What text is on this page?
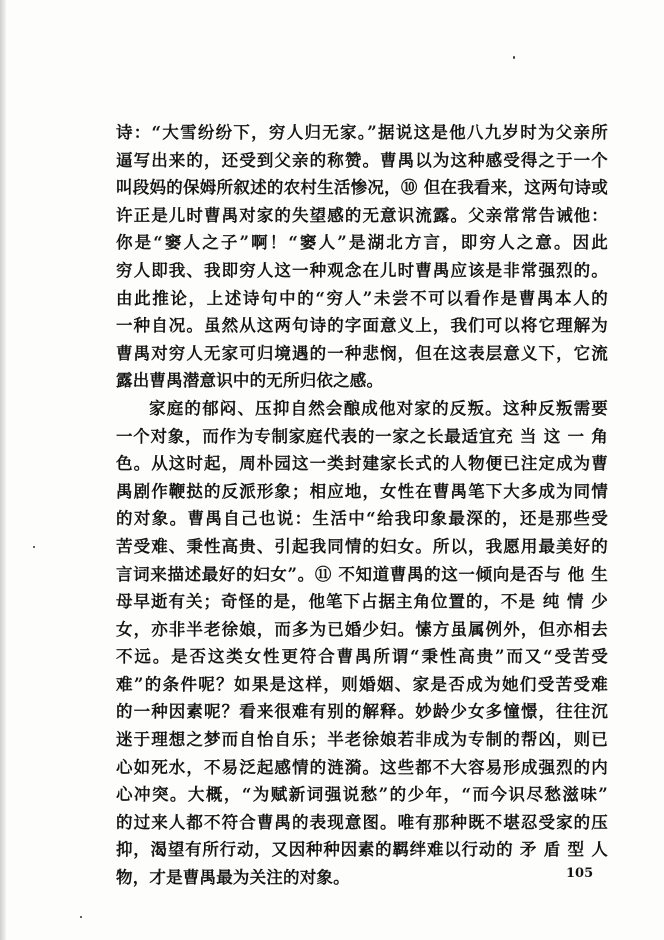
诗：“大雪纷纷下，穷人归无家。”据说这是他八九岁时为父亲所
逼写出来的，还受到父亲的称赞。曹禺以为这种感受得之于一个
叫段妈的保姆所叙述的农村生活惨况，⑩ 但在我看来，这两句诗或
许正是儿时曹禺对家的失望感的无意识流露。父亲常常告诫他：
你是“窭人之子”啊！“窭人”是湖北方言，即穷人之意。因此
穷人即我、我即穷人这一种观念在儿时曹禺应该是非常强烈的。
由此推论，上述诗句中的“穷人”未尝不可以看作是曹禺本人的
一种自况。虽然从这两句诗的字面意义上，我们可以将它理解为
曹禺对穷人无家可归境遇的一种悲悯，但在这表层意义下，它流
露出曹禺潜意识中的无所归依之感。
家庭的郁闷、压抑自然会酿成他对家的反叛。这种反叛需要
一个对象，而作为专制家庭代表的一家之长最适宜充 当 这 一 角
色。从这时起，周朴园这一类封建家长式的人物便已注定成为曹
禺剧作鞭挞的反派形象；相应地，女性在曹禺笔下大多成为同情
的对象。曹禺自己也说：生活中“给我印象最深的，还是那些受
苦受难、秉性高贵、引起我同情的妇女。所以，我愿用最美好的
言词来描述最好的妇女”。⑪ 不知道曹禺的这一倾向是否与 他 生
母早逝有关；奇怪的是，他笔下占据主角位置的，不是 纯 情 少
女，亦非半老徐娘，而多为已婚少妇。愫方虽属例外，但亦相去
不远。是否这类女性更符合曹禺所谓“秉性高贵”而又“受苦受
难”的条件呢？如果是这样，则婚姻、家是否成为她们受苦受难
的一种因素呢？看来很难有别的解释。妙龄少女多憧憬，往往沉
迷于理想之梦而自怡自乐；半老徐娘若非成为专制的帮凶，则已
心如死水，不易泛起感情的涟漪。这些都不大容易形成强烈的内
心冲突。大概，“为赋新词强说愁”的少年，“而今识尽愁滋味”
的过来人都不符合曹禺的表现意图。唯有那种既不堪忍受家的压
抑，渴望有所行动，又因种种因素的羁绊难以行动的 矛 盾 型 人
物，才是曹禺最为关注的对象。	105
